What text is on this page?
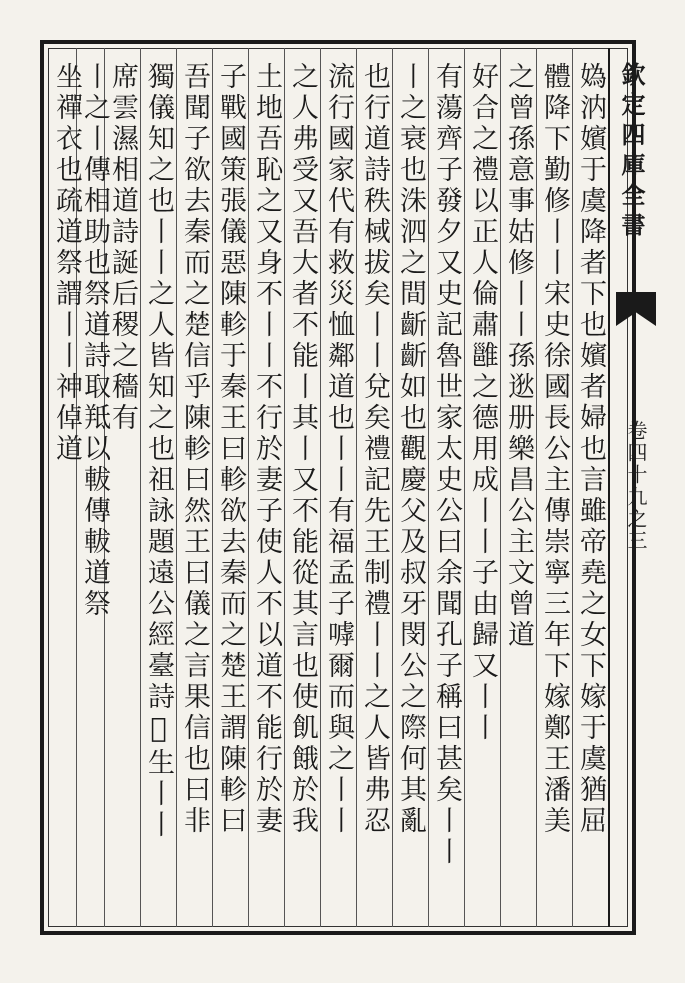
欽定四庫全書
卷四十九之三
媯汭嬪于虞降者下也嬪者婦也言雖帝堯之女下嫁于虞猶屈
體降下勤修丨丨宋史徐國長公主傳崇寧三年下嫁鄭王潘美
之曾孫意事姑修丨丨孫逖册樂昌公主文曾道
好合之禮以正人倫肅雝之德用成丨丨子由歸又丨丨
有蕩齊子發夕又史記魯世家太史公曰余聞孔子稱曰甚矣丨丨
丨之衰也洙泗之間齗齗如也觀慶父及叔牙閔公之際何其亂
也行道詩秩棫拔矣丨丨兌矣禮記先王制禮丨丨之人皆弗忍
流行國家代有救災恤鄰道也丨丨有福孟子嘑爾而與之丨丨
之人弗受又吾大者不能丨其丨又不能從其言也使飢餓於我
土地吾恥之又身不丨丨不行於妻子使人不以道不能行於妻
子戰國策張儀惡陳軫于秦王曰軫欲去秦而之楚王謂陳軫曰
吾聞子欲去秦而之楚信乎陳軫曰然王曰儀之言果信也曰非
獨儀知之也丨丨之人皆知之也祖詠題遠公經臺詩𧫷生丨丨
席雲濕相道詩誕后稷之穡有
丨之丨傳相助也祭道詩取羝以軷傳軷道祭
坐禪衣也疏道祭謂丨丨神倬道
